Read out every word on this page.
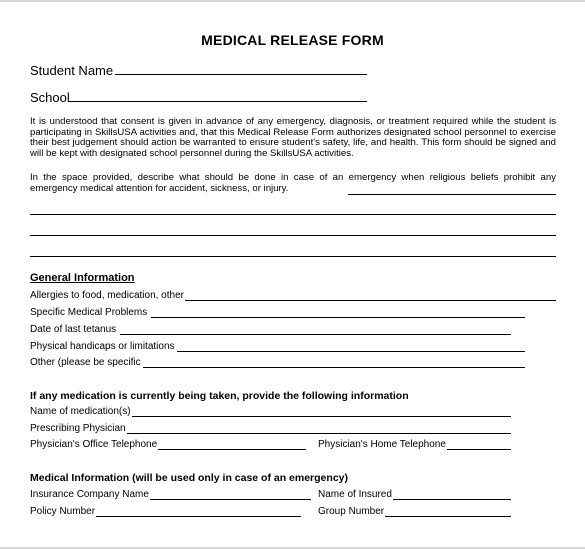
MEDICAL RELEASE FORM
Student Name
School
It is understood that consent is given in advance of any emergency, diagnosis, or treatment required while the student is participating in SkillsUSA activities and, that this Medical Release Form authorizes designated school personnel to exercise their best judgement should action be warranted to ensure student's safety, life, and health. This form should be signed and will be kept with designated school personnel during the SkillsUSA activities.
In the space provided, describe what should be done in case of an emergency when religious beliefs prohibit any emergency medical attention for accident, sickness, or injury.
General Information
Allergies to food, medication, other
Specific Medical Problems
Date of last tetanus
Physical handicaps or limitations
Other (please be specific
If any medication is currently being taken, provide the following information
Name of medication(s)
Prescribing Physician
Physician's Office Telephone	Physician's Home Telephone
Medical Information (will be used only in case of an emergency)
Insurance Company Name	Name of Insured
Policy Number	Group Number
